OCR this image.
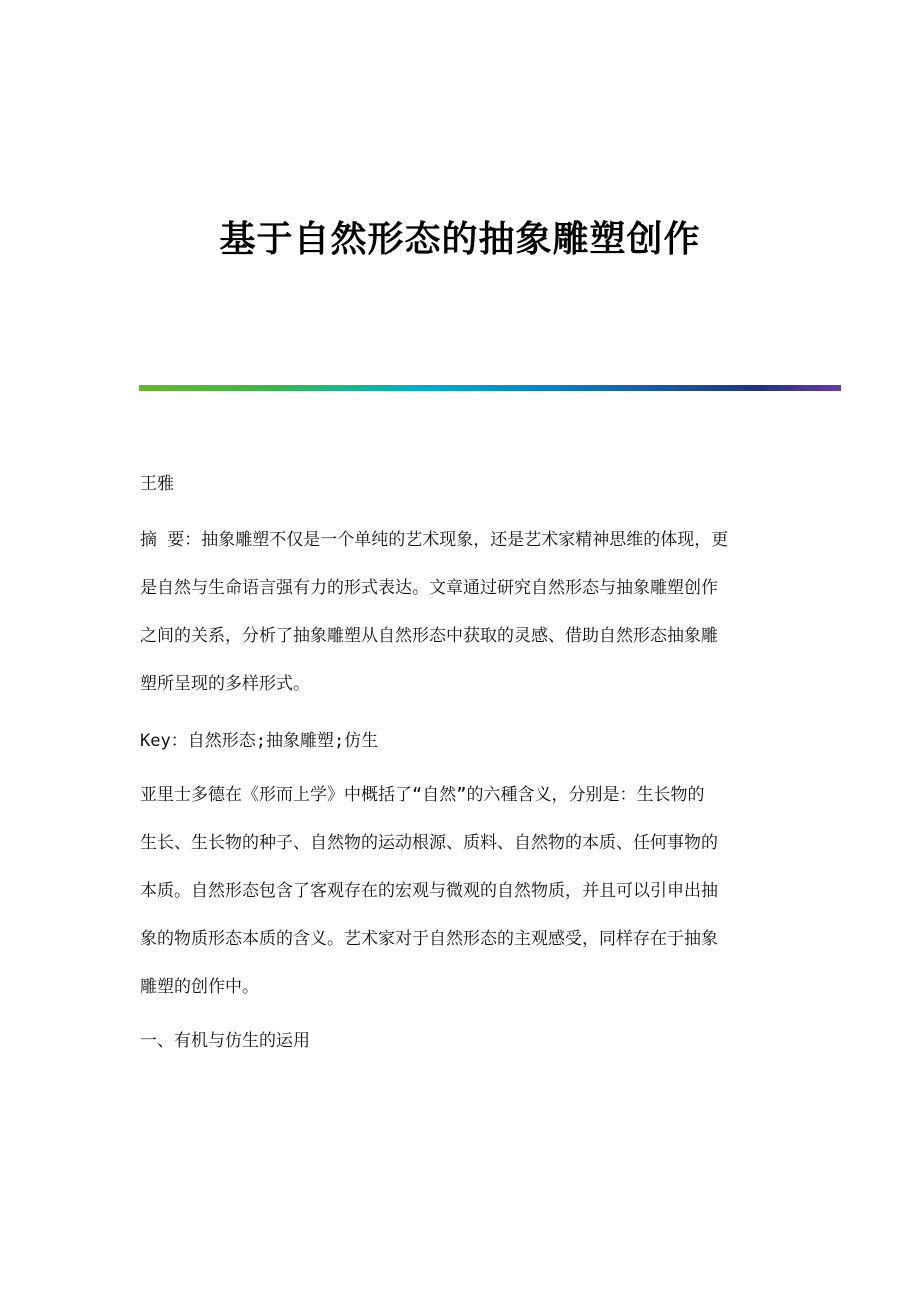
基于自然形态的抽象雕塑创作
王雅
摘 要：抽象雕塑不仅是一个单纯的艺术现象，还是艺术家精神思维的体现，更
是自然与生命语言强有力的形式表达。文章通过研究自然形态与抽象雕塑创作
之间的关系，分析了抽象雕塑从自然形态中获取的灵感、借助自然形态抽象雕
塑所呈现的多样形式。
Key：自然形态;抽象雕塑;仿生
亚里士多德在《形而上学》中概括了“自然”的六種含义，分别是：生长物的
生长、生长物的种子、自然物的运动根源、质料、自然物的本质、任何事物的
本质。自然形态包含了客观存在的宏观与微观的自然物质，并且可以引申出抽
象的物质形态本质的含义。艺术家对于自然形态的主观感受，同样存在于抽象
雕塑的创作中。
一、有机与仿生的运用
